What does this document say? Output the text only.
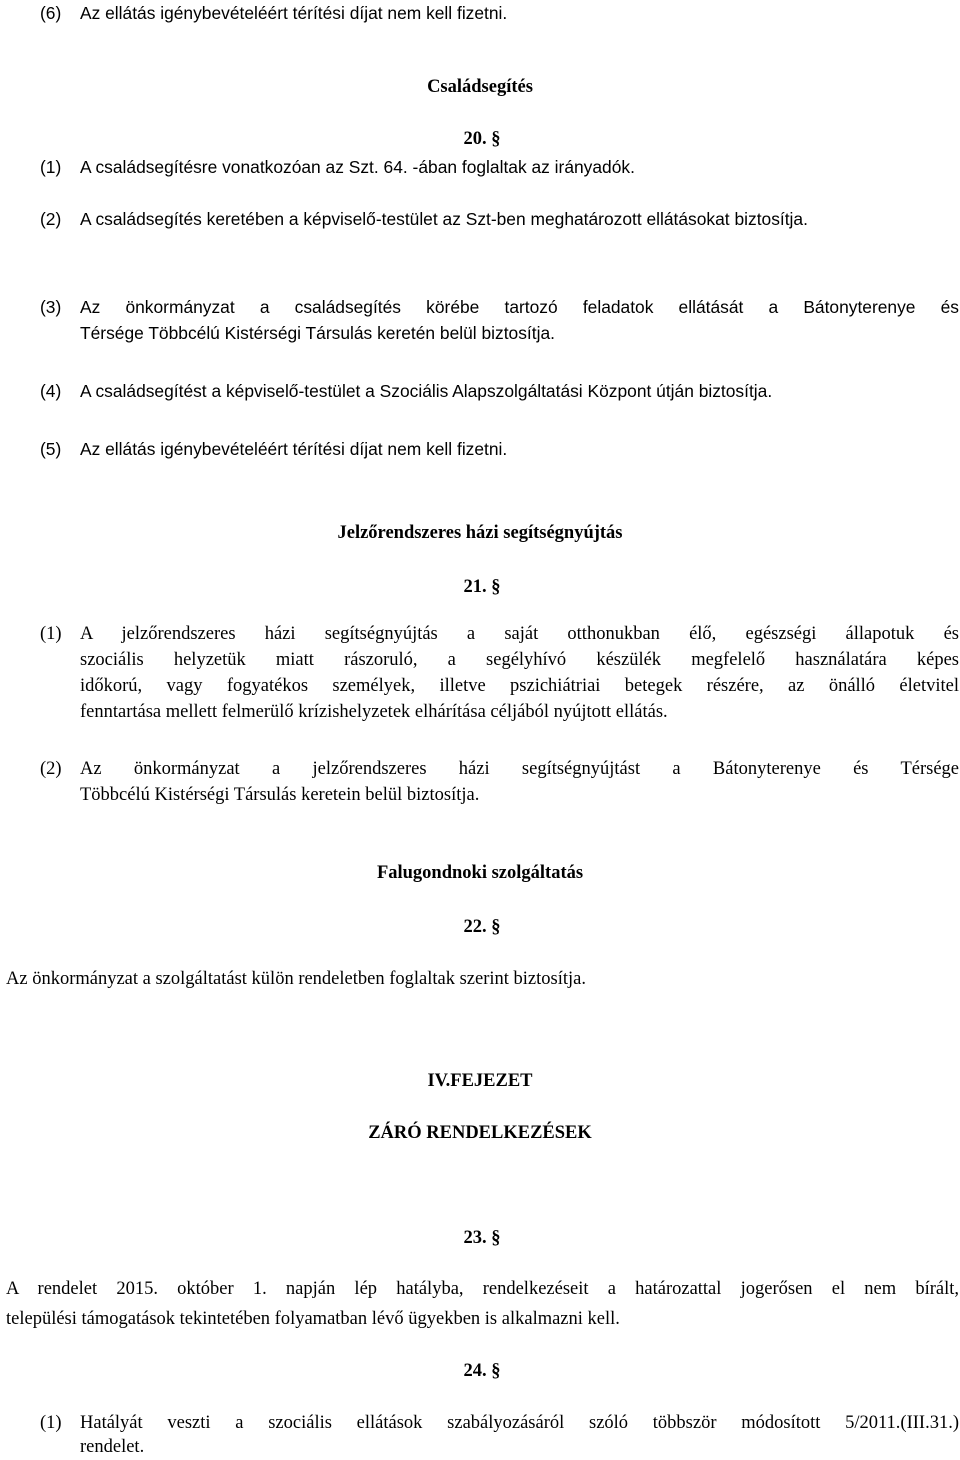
(6) Az ellátás igénybevételéért térítési díjat nem kell fizetni.
Családsegítés
20. §
(1) A családsegítésre vonatkozóan az Szt. 64. -ában foglaltak az irányadók.
(2) A családsegítés keretében a képviselő-testület az Szt-ben meghatározott ellátásokat biztosítja.
(3) Az önkormányzat a családsegítés körébe tartozó feladatok ellátását a Bátonyterenye és
Térsége Többcélú Kistérségi Társulás keretén belül biztosítja.
(4) A családsegítést a képviselő-testület a Szociális Alapszolgáltatási Központ útján biztosítja.
(5) Az ellátás igénybevételéért térítési díjat nem kell fizetni.
Jelzőrendszeres házi segítségnyújtás
21. §
(1) A jelzőrendszeres házi segítségnyújtás a saját otthonukban élő, egészségi állapotuk és
szociális helyzetük miatt rászoruló, a segélyhívó készülék megfelelő használatára képes
időkorú, vagy fogyatékos személyek, illetve pszichiátriai betegek részére, az önálló életvitel
fenntartása mellett felmerülő krízishelyzetek elhárítása céljából nyújtott ellátás.
(2) Az önkormányzat a jelzőrendszeres házi segítségnyújtást a Bátonyterenye és Térsége
Többcélú Kistérségi Társulás keretein belül biztosítja.
Falugondnoki szolgáltatás
22. §
Az önkormányzat a szolgáltatást külön rendeletben foglaltak szerint biztosítja.
IV.FEJEZET
ZÁRÓ RENDELKEZÉSEK
23. §
A rendelet 2015. október 1. napján lép hatályba, rendelkezéseit a határozattal jogerősen el nem bírált,
települési támogatások tekintetében folyamatban lévő ügyekben is alkalmazni kell.
24. §
(1) Hatályát veszti a szociális ellátások szabályozásáról szóló többször módosított 5/2011.(III.31.)
rendelet.
